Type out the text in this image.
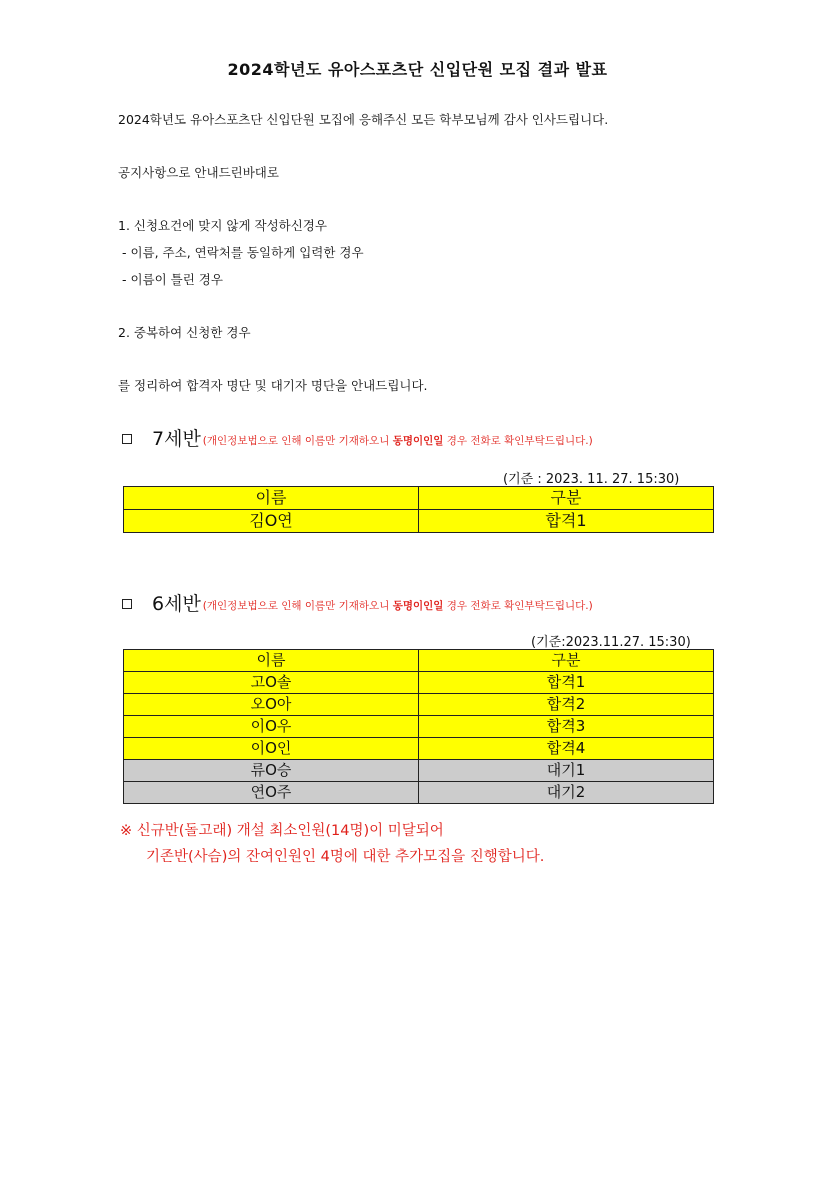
2024학년도 유아스포츠단 신입단원 모집 결과 발표
2024학년도 유아스포츠단 신입단원 모집에 응해주신 모든 학부모님께 감사 인사드립니다.
공지사항으로 안내드린바대로
1. 신청요건에 맞지 않게 작성하신경우
- 이름, 주소, 연락처를 동일하게 입력한 경우
- 이름이 틀린 경우
2. 중복하여 신청한 경우
를 정리하여 합격자 명단 및 대기자 명단을 안내드립니다.
7세반 (개인정보법으로 인해 이름만 기재하오니 동명이인일 경우 전화로 확인부탁드립니다.)
(기준 : 2023. 11. 27. 15:30)
이름	구분
김O연	합격1
6세반 (개인정보법으로 인해 이름만 기재하오니 동명이인일 경우 전화로 확인부탁드립니다.)
(기준:2023.11.27. 15:30)
이름	구분
고O솔	합격1
오O아	합격2
이O우	합격3
이O인	합격4
류O승	대기1
연O주	대기2
※ 신규반(돌고래) 개설 최소인원(14명)이 미달되어
기존반(사슴)의 잔여인원인 4명에 대한 추가모집을 진행합니다.
